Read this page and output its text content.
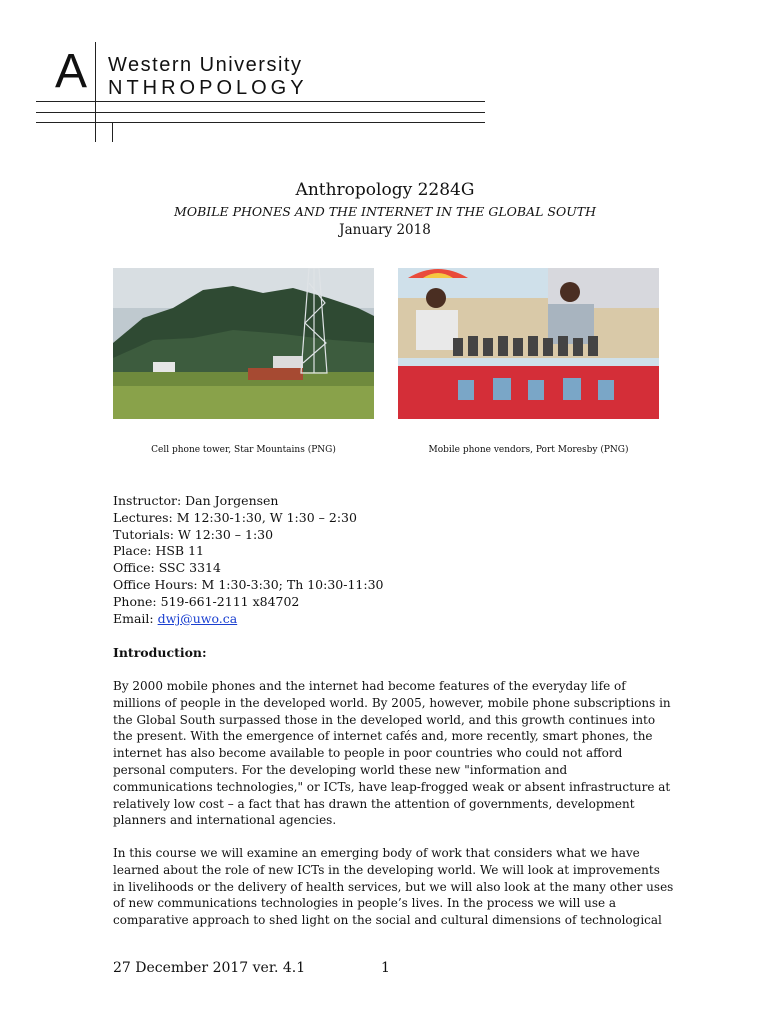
A Western University
NTHROPOLOGY
Anthropology 2284G
MOBILE PHONES AND THE INTERNET IN THE GLOBAL SOUTH
January 2018
Cell phone tower, Star Mountains (PNG)	Mobile phone vendors, Port Moresby (PNG)
Instructor: Dan Jorgensen
Lectures: M 12:30-1:30, W 1:30 – 2:30
Tutorials: W 12:30 – 1:30
Place: HSB 11
Office: SSC 3314
Office Hours: M 1:30-3:30; Th 10:30-11:30
Phone: 519-661-2111 x84702
Email: dwj@uwo.ca
Introduction:
By 2000 mobile phones and the internet had become features of the everyday life of
millions of people in the developed world. By 2005, however, mobile phone subscriptions in
the Global South surpassed those in the developed world, and this growth continues into
the present. With the emergence of internet cafés and, more recently, smart phones, the
internet has also become available to people in poor countries who could not afford
personal computers. For the developing world these new "information and
communications technologies," or ICTs, have leap-frogged weak or absent infrastructure at
relatively low cost – a fact that has drawn the attention of governments, development
planners and international agencies.
In this course we will examine an emerging body of work that considers what we have
learned about the role of new ICTs in the developing world. We will look at improvements
in livelihoods or the delivery of health services, but we will also look at the many other uses
of new communications technologies in people’s lives. In the process we will use a
comparative approach to shed light on the social and cultural dimensions of technological
27 December 2017 ver. 4.1	1
